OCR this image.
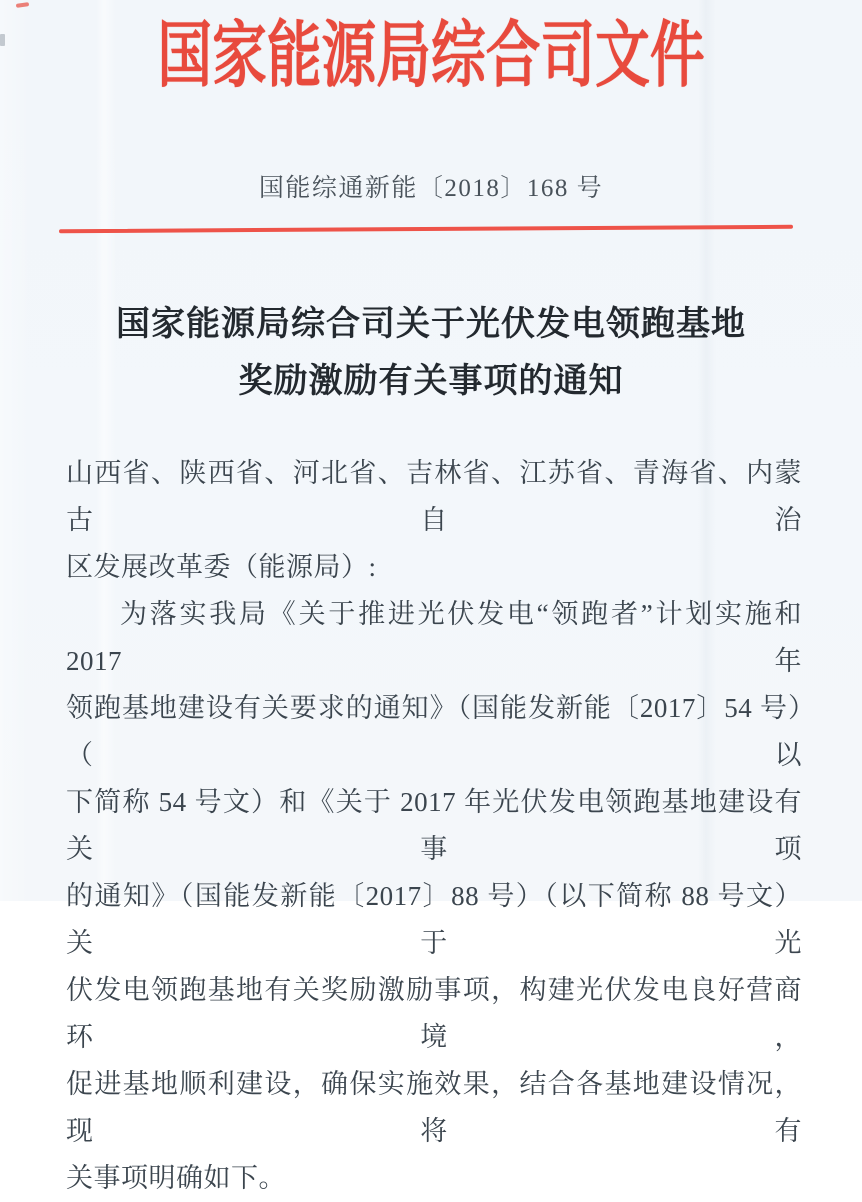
国家能源局综合司文件
国能综通新能〔2018〕168 号
国家能源局综合司关于光伏发电领跑基地
奖励激励有关事项的通知
山西省、陕西省、河北省、吉林省、江苏省、青海省、内蒙古自治
区发展改革委（能源局）:
为落实我局《关于推进光伏发电“领跑者”计划实施和 2017 年
领跑基地建设有关要求的通知》（国能发新能〔2017〕54 号）（以
下简称 54 号文）和《关于 2017 年光伏发电领跑基地建设有关事项
的通知》（国能发新能〔2017〕88 号）（以下简称 88 号文）关于光
伏发电领跑基地有关奖励激励事项，构建光伏发电良好营商环境，
促进基地顺利建设，确保实施效果，结合各基地建设情况，现将有
关事项明确如下。
